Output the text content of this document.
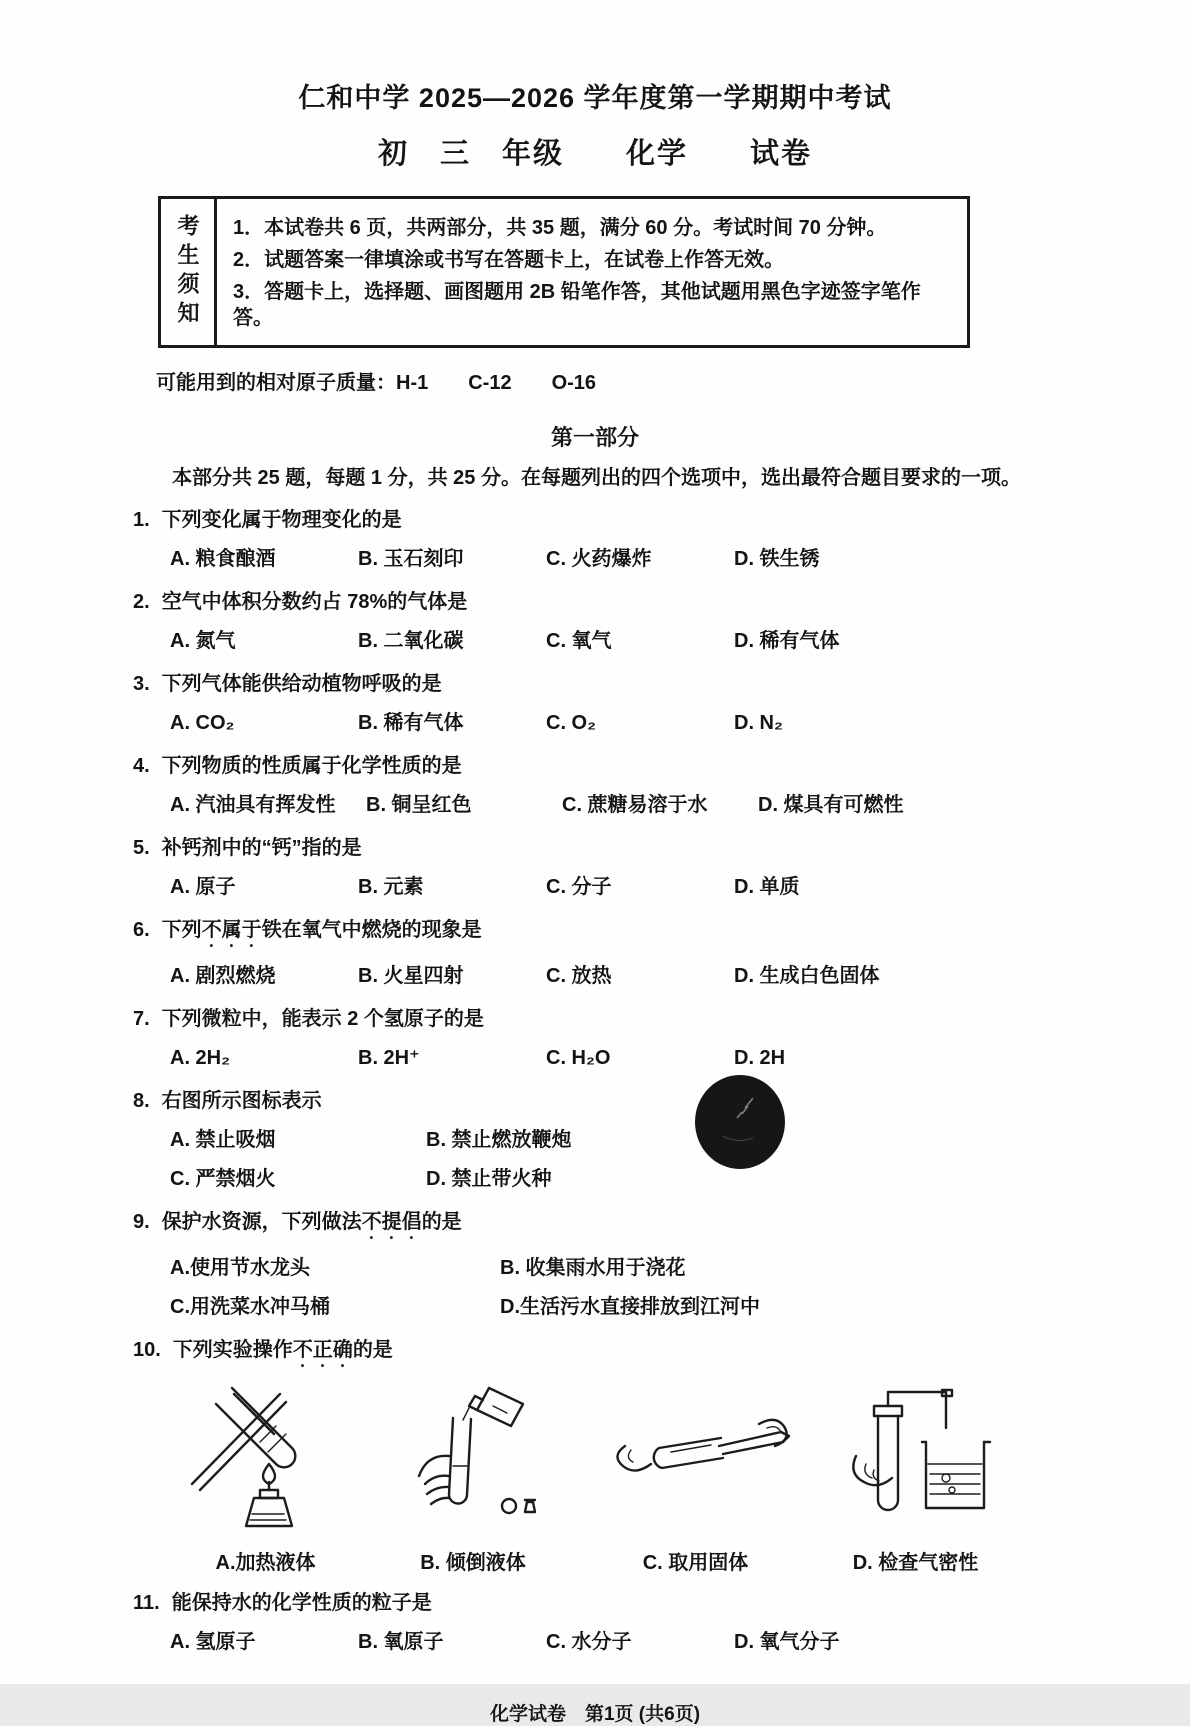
仁和中学 2025—2026 学年度第一学期期中考试
初　三　年级　　化学　　试卷
考生须知 1．本试卷共 6 页，共两部分，共 35 题，满分 60 分。考试时间 70 分钟。

2．试题答案一律填涂或书写在答题卡上，在试卷上作答无效。

3．答题卡上，选择题、画图题用 2B 铅笔作答，其他试题用黑色字迹签字笔作答。

可能用到的相对原子质量：H-1　　C-12　　O-16
第一部分
本部分共 25 题，每题 1 分，共 25 分。在每题列出的四个选项中，选出最符合题目要求的一项。
1. 下列变化属于物理变化的是
A. 粮食酿酒	B. 玉石刻印	C. 火药爆炸	D. 铁生锈
2. 空气中体积分数约占 78%的气体是
A. 氮气	B. 二氧化碳	C. 氧气	D. 稀有气体
3. 下列气体能供给动植物呼吸的是
A. CO₂	B. 稀有气体	C. O₂	D. N₂
4. 下列物质的性质属于化学性质的是
A. 汽油具有挥发性	B. 铜呈红色	C. 蔗糖易溶于水	D. 煤具有可燃性
5. 补钙剂中的“钙”指的是
A. 原子	B. 元素	C. 分子	D. 单质
6. 下列不属于铁在氧气中燃烧的现象是
A. 剧烈燃烧	B. 火星四射	C. 放热	D. 生成白色固体
7. 下列微粒中，能表示 2 个氢原子的是
A. 2H₂	B. 2H⁺	C. H₂O	D. 2H
8. 右图所示图标表示
A. 禁止吸烟	B. 禁止燃放鞭炮
C. 严禁烟火	D. 禁止带火种
9. 保护水资源，下列做法不提倡的是
A.使用节水龙头	B. 收集雨水用于浇花
C.用洗菜水冲马桶	D.生活污水直接排放到江河中
10. 下列实验操作不正确的是
A.加热液体	B. 倾倒液体	C. 取用固体	D. 检查气密性
11. 能保持水的化学性质的粒子是
A. 氢原子	B. 氧原子	C. 水分子	D. 氧气分子
化学试卷　第1页 (共6页)
